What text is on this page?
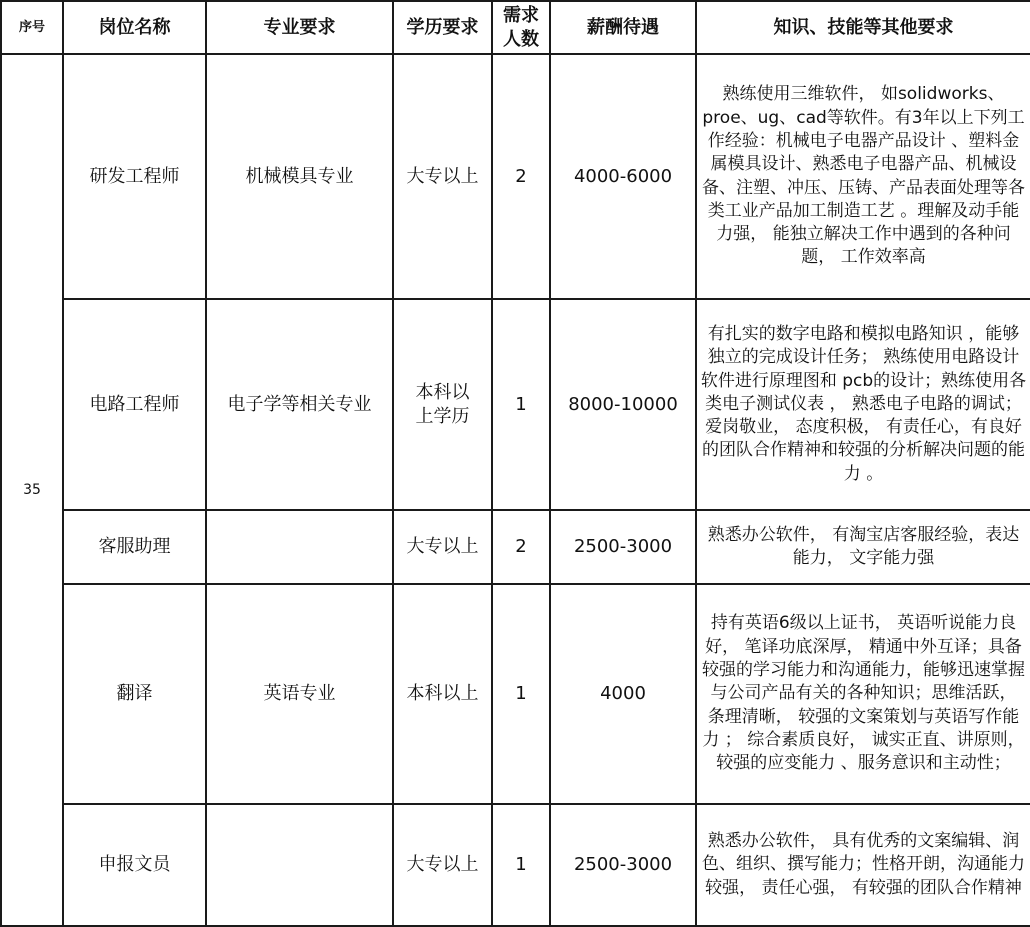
序号	岗位名称	专业要求	学历要求	需求人数	薪酬待遇	知识、技能等其他要求
35	研发工程师	机械模具专业	大专以上	2	4000-6000	熟练使用三维软件， 如solidworks、proe、ug、cad等软件。有3年以上下列工作经验：机械电子电器产品设计 、塑料金属模具设计、熟悉电子电器产品、机械设备、注塑、冲压、压铸、产品表面处理等各类工业产品加工制造工艺 。理解及动手能力强， 能独立解决工作中遇到的各种问题， 工作效率高
	电路工程师	电子学等相关专业	本科以上学历	1	8000-10000	有扎实的数字电路和模拟电路知识 ，能够独立的完成设计任务； 熟练使用电路设计软件进行原理图和 pcb的设计；熟练使用各类电子测试仪表 ， 熟悉电子电路的调试； 爱岗敬业， 态度积极， 有责任心，有良好的团队合作精神和较强的分析解决问题的能力 。
	客服助理		大专以上	2	2500-3000	熟悉办公软件， 有淘宝店客服经验，表达能力， 文字能力强
	翻译	英语专业	本科以上	1	4000	持有英语6级以上证书， 英语听说能力良好， 笔译功底深厚， 精通中外互译；具备较强的学习能力和沟通能力，能够迅速掌握与公司产品有关的各种知识；思维活跃， 条理清晰， 较强的文案策划与英语写作能力 ； 综合素质良好， 诚实正直、讲原则， 较强的应变能力 、服务意识和主动性；
	申报文员		大专以上	1	2500-3000	熟悉办公软件， 具有优秀的文案编辑、润色、组织、撰写能力；性格开朗，沟通能力较强， 责任心强， 有较强的团队合作精神
